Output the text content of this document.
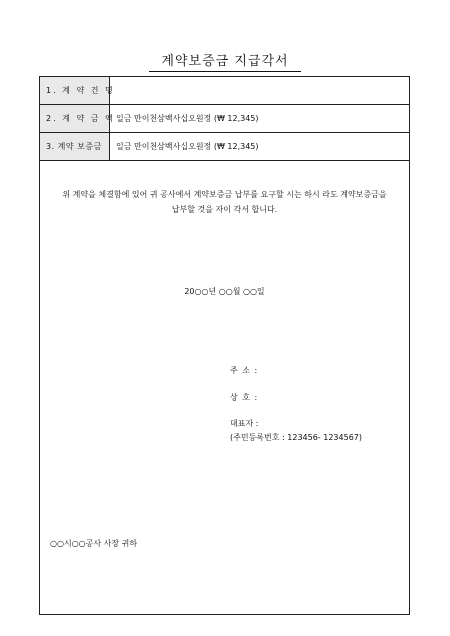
계약보증금 지급각서
1. 계 약 건 명
2. 계 약 금 액 일금 만이천삼백사십오원정 (₩ 12,345)
3. 계약 보증금	일금 만이천삼백사십오원정 (₩ 12,345)
위 계약을 체결함에 있어 귀 공사에서 계약보증금 납부를 요구할 시는 하시 라도 계약보증금을
납부할 것을 자이 각서 합니다.
20○○년 ○○월 ○○일
주 소 :
상 호 :
대표자 :
(주민등록번호 : 123456- 1234567)
○○시○○공사 사장 귀하
